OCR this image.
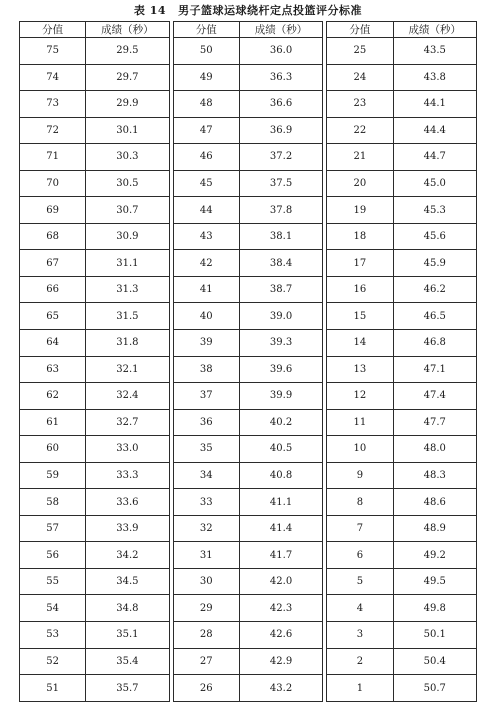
表 14 男子篮球运球绕杆定点投篮评分标准
分值	成绩（秒）		分值	成绩（秒）		分值	成绩（秒）
75	29.5		50	36.0		25	43.5
74	29.7		49	36.3		24	43.8
73	29.9		48	36.6		23	44.1
72	30.1		47	36.9		22	44.4
71	30.3		46	37.2		21	44.7
70	30.5		45	37.5		20	45.0
69	30.7		44	37.8		19	45.3
68	30.9		43	38.1		18	45.6
67	31.1		42	38.4		17	45.9
66	31.3		41	38.7		16	46.2
65	31.5		40	39.0		15	46.5
64	31.8		39	39.3		14	46.8
63	32.1		38	39.6		13	47.1
62	32.4		37	39.9		12	47.4
61	32.7		36	40.2		11	47.7
60	33.0		35	40.5		10	48.0
59	33.3		34	40.8		9	48.3
58	33.6		33	41.1		8	48.6
57	33.9		32	41.4		7	48.9
56	34.2		31	41.7		6	49.2
55	34.5		30	42.0		5	49.5
54	34.8		29	42.3		4	49.8
53	35.1		28	42.6		3	50.1
52	35.4		27	42.9		2	50.4
51	35.7		26	43.2		1	50.7
